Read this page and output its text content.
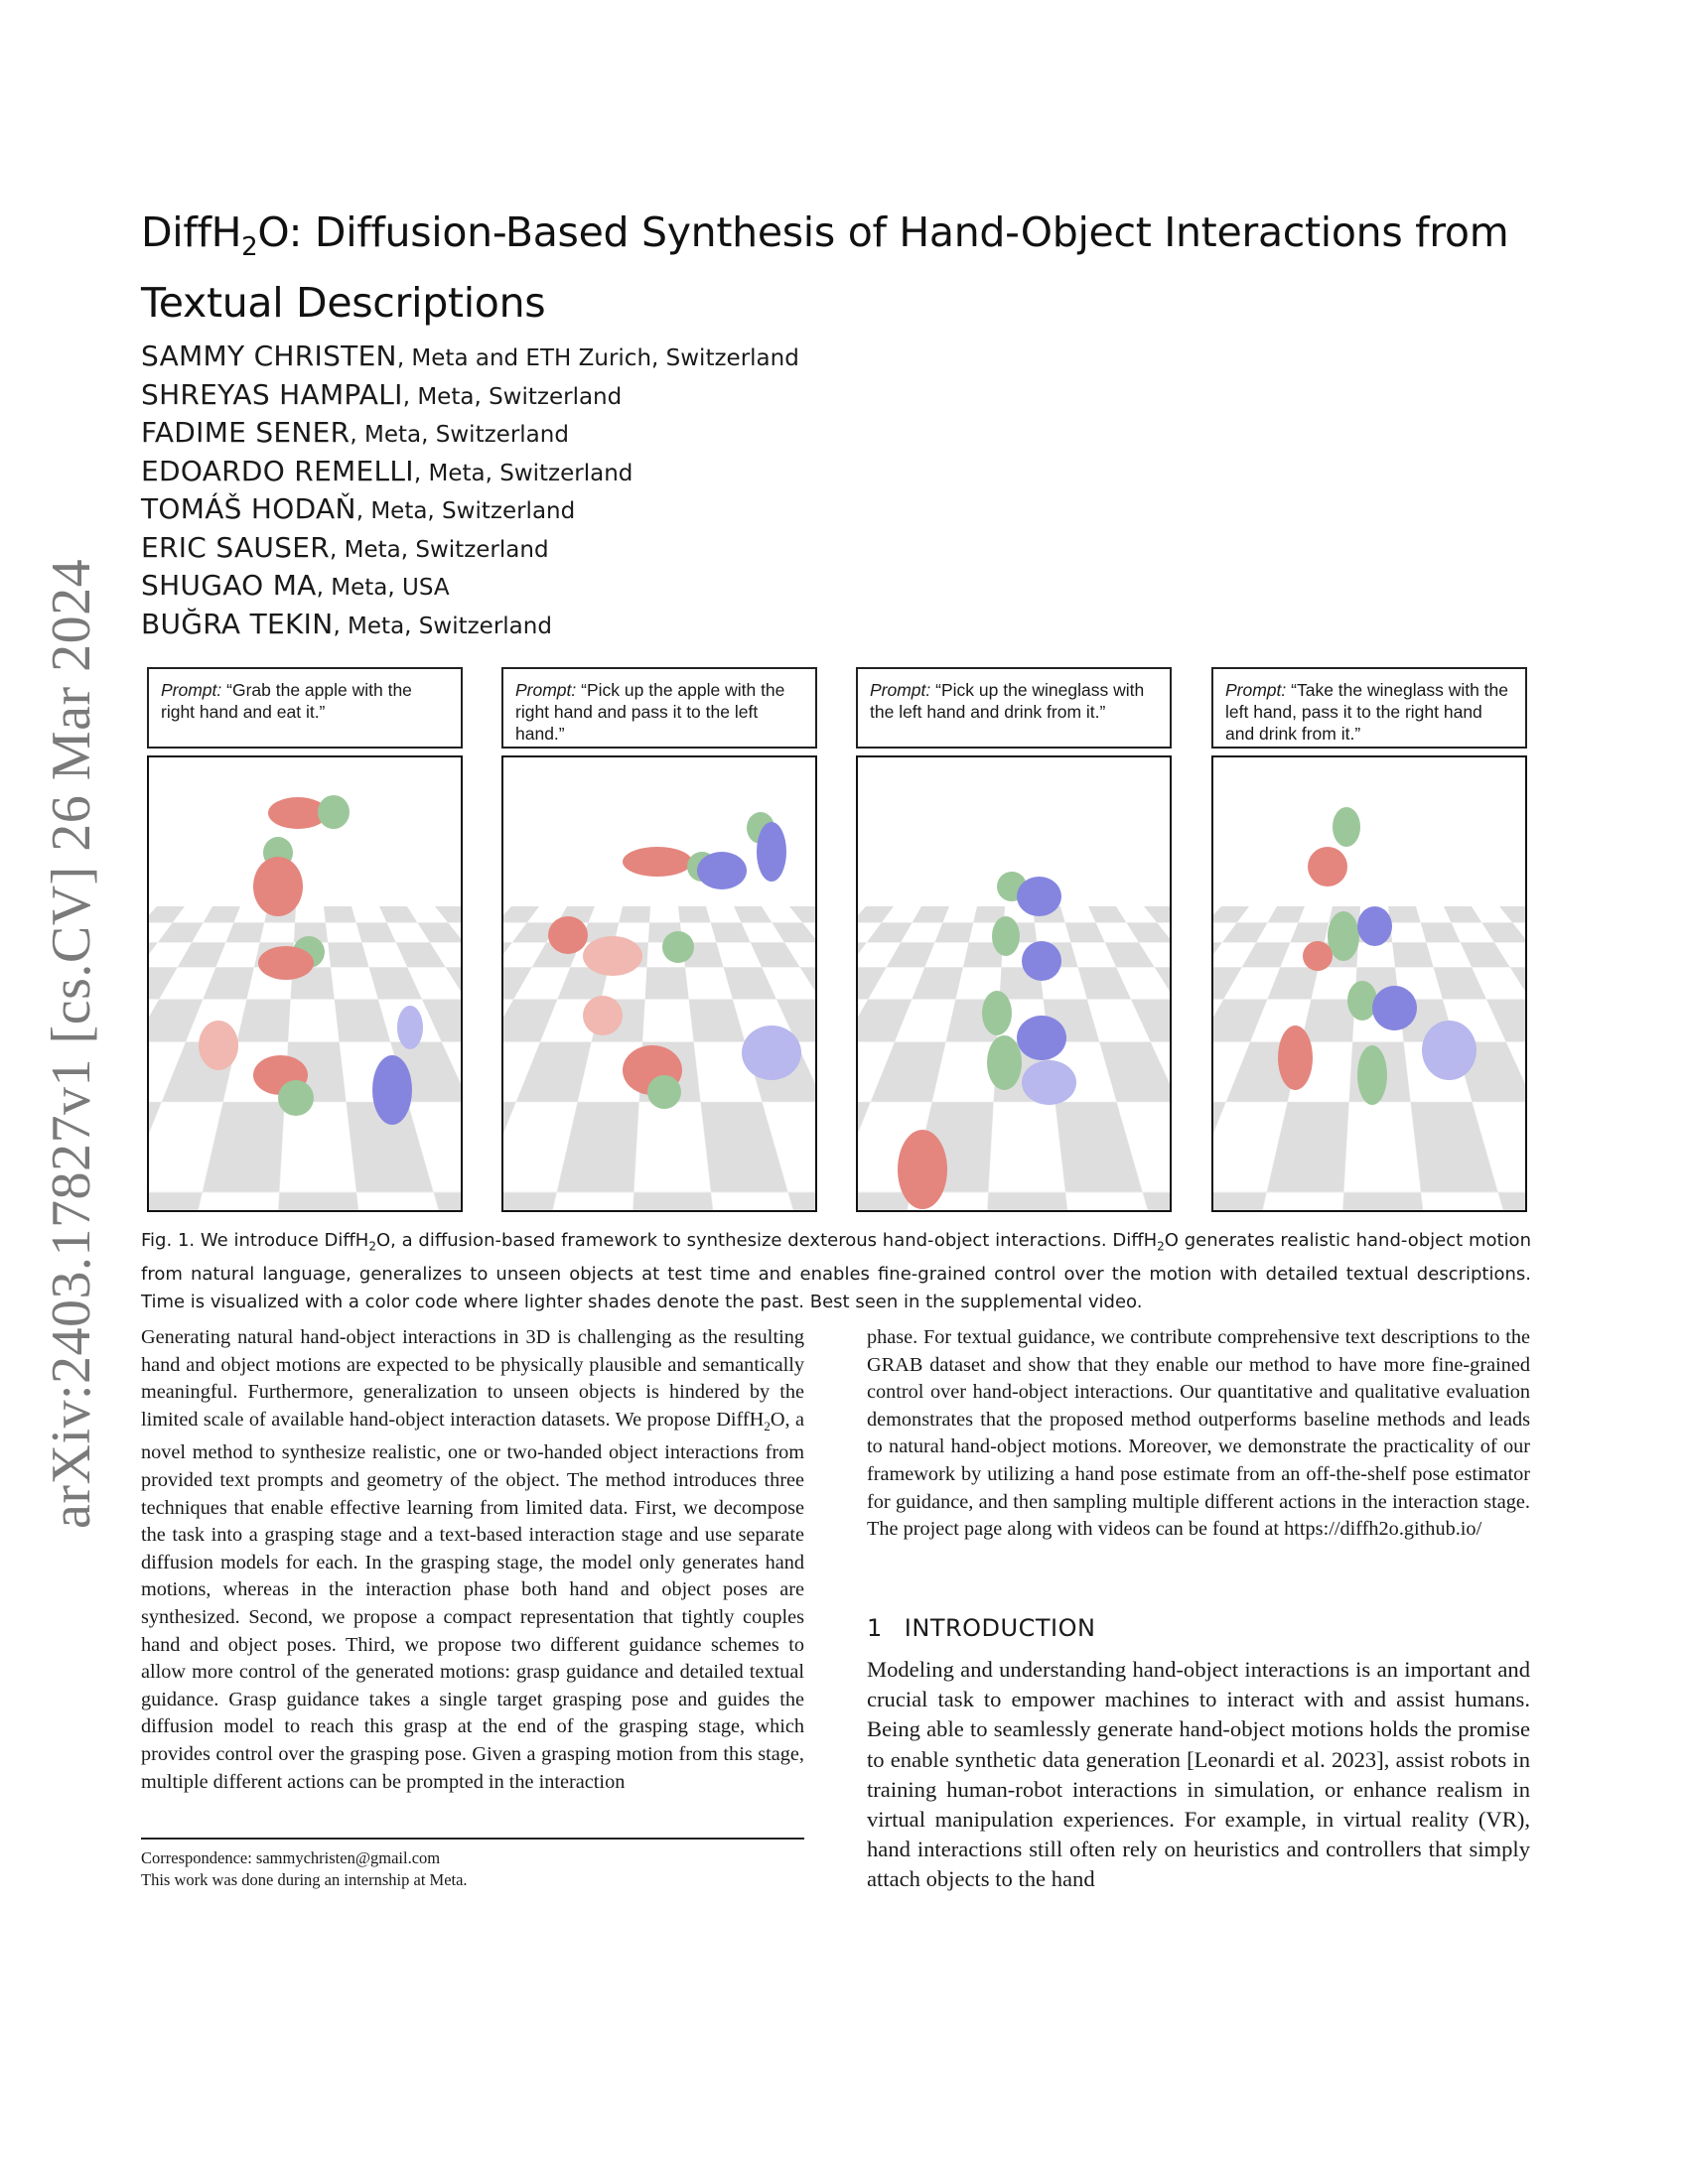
DiffH$_2$O: Diffusion-Based Synthesis of Hand-Object Interactions from Textual Descriptions
SAMMY CHRISTEN, Meta and ETH Zurich, Switzerland
SHREYAS HAMPALI, Meta, Switzerland
FADIME SENER, Meta, Switzerland
EDOARDO REMELLI, Meta, Switzerland
TOMÁŠ HODAŇ, Meta, Switzerland
ERIC SAUSER, Meta, Switzerland
SHUGAO MA, Meta, USA
BUĞRA TEKIN, Meta, Switzerland
arXiv:2403.17827v1 [cs.CV] 26 Mar 2024	Prompt: “Grab the apple with the right hand and eat it.”
Prompt: “Pick up the apple with the right hand and pass it to the left hand.”
Prompt: “Pick up the wineglass with the left hand and drink from it.”
Prompt: “Take the wineglass with the left hand, pass it to the right hand and drink from it.”
Fig. 1. We introduce DiffH$_2$O, a diffusion-based framework to synthesize dexterous hand-object interactions. DiffH$_2$O generates realistic hand-object motion from natural language, generalizes to unseen objects at test time and enables fine-grained control over the motion with detailed textual descriptions. Time is visualized with a color code where lighter shades denote the past. Best seen in the supplemental video.

Generating natural hand-object interactions in 3D is challenging as the resulting hand and object motions are expected to be physically plausible and semantically meaningful. Furthermore, generalization to unseen objects is hindered by the limited scale of available hand-object interaction datasets. We propose DiffH$_2$O, a novel method to synthesize realistic, one or two-handed object interactions from provided text prompts and geometry of the object. The method introduces three techniques that enable effective learning from limited data. First, we decompose the task into a grasping stage and a text-based interaction stage and use separate diffusion models for each. In the grasping stage, the model only generates hand motions, whereas in the interaction phase both hand and object poses are synthesized. Second, we propose a compact representation that tightly couples hand and object poses. Third, we propose two different guidance schemes to allow more control of the generated motions: grasp guidance and detailed textual guidance. Grasp guidance takes a single target grasping pose and guides the diffusion model to reach this grasp at the end of the grasping stage, which provides control over the grasping pose. Given a grasping motion from this stage, multiple different actions can be prompted in the interaction

phase. For textual guidance, we contribute comprehensive text descriptions to the GRAB dataset and show that they enable our method to have more fine-grained control over hand-object interactions. Our quantitative and qualitative evaluation demonstrates that the proposed method outperforms baseline methods and leads to natural hand-object motions. Moreover, we demonstrate the practicality of our framework by utilizing a hand pose estimate from an off-the-shelf pose estimator for guidance, and then sampling multiple different actions in the interaction stage. The project page along with videos can be found at https://diffh2o.github.io/

1 INTRODUCTION
Modeling and understanding hand-object interactions is an important and crucial task to empower machines to interact with and assist humans. Being able to seamlessly generate hand-object motions holds the promise to enable synthetic data generation [Leonardi et al. 2023], assist robots in training human-robot interactions in simulation, or enhance realism in virtual manipulation experiences. For example, in virtual reality (VR), hand interactions still often rely on heuristics and controllers that simply attach objects to the hand
Correspondence: sammychristen@gmail.com
This work was done during an internship at Meta.
